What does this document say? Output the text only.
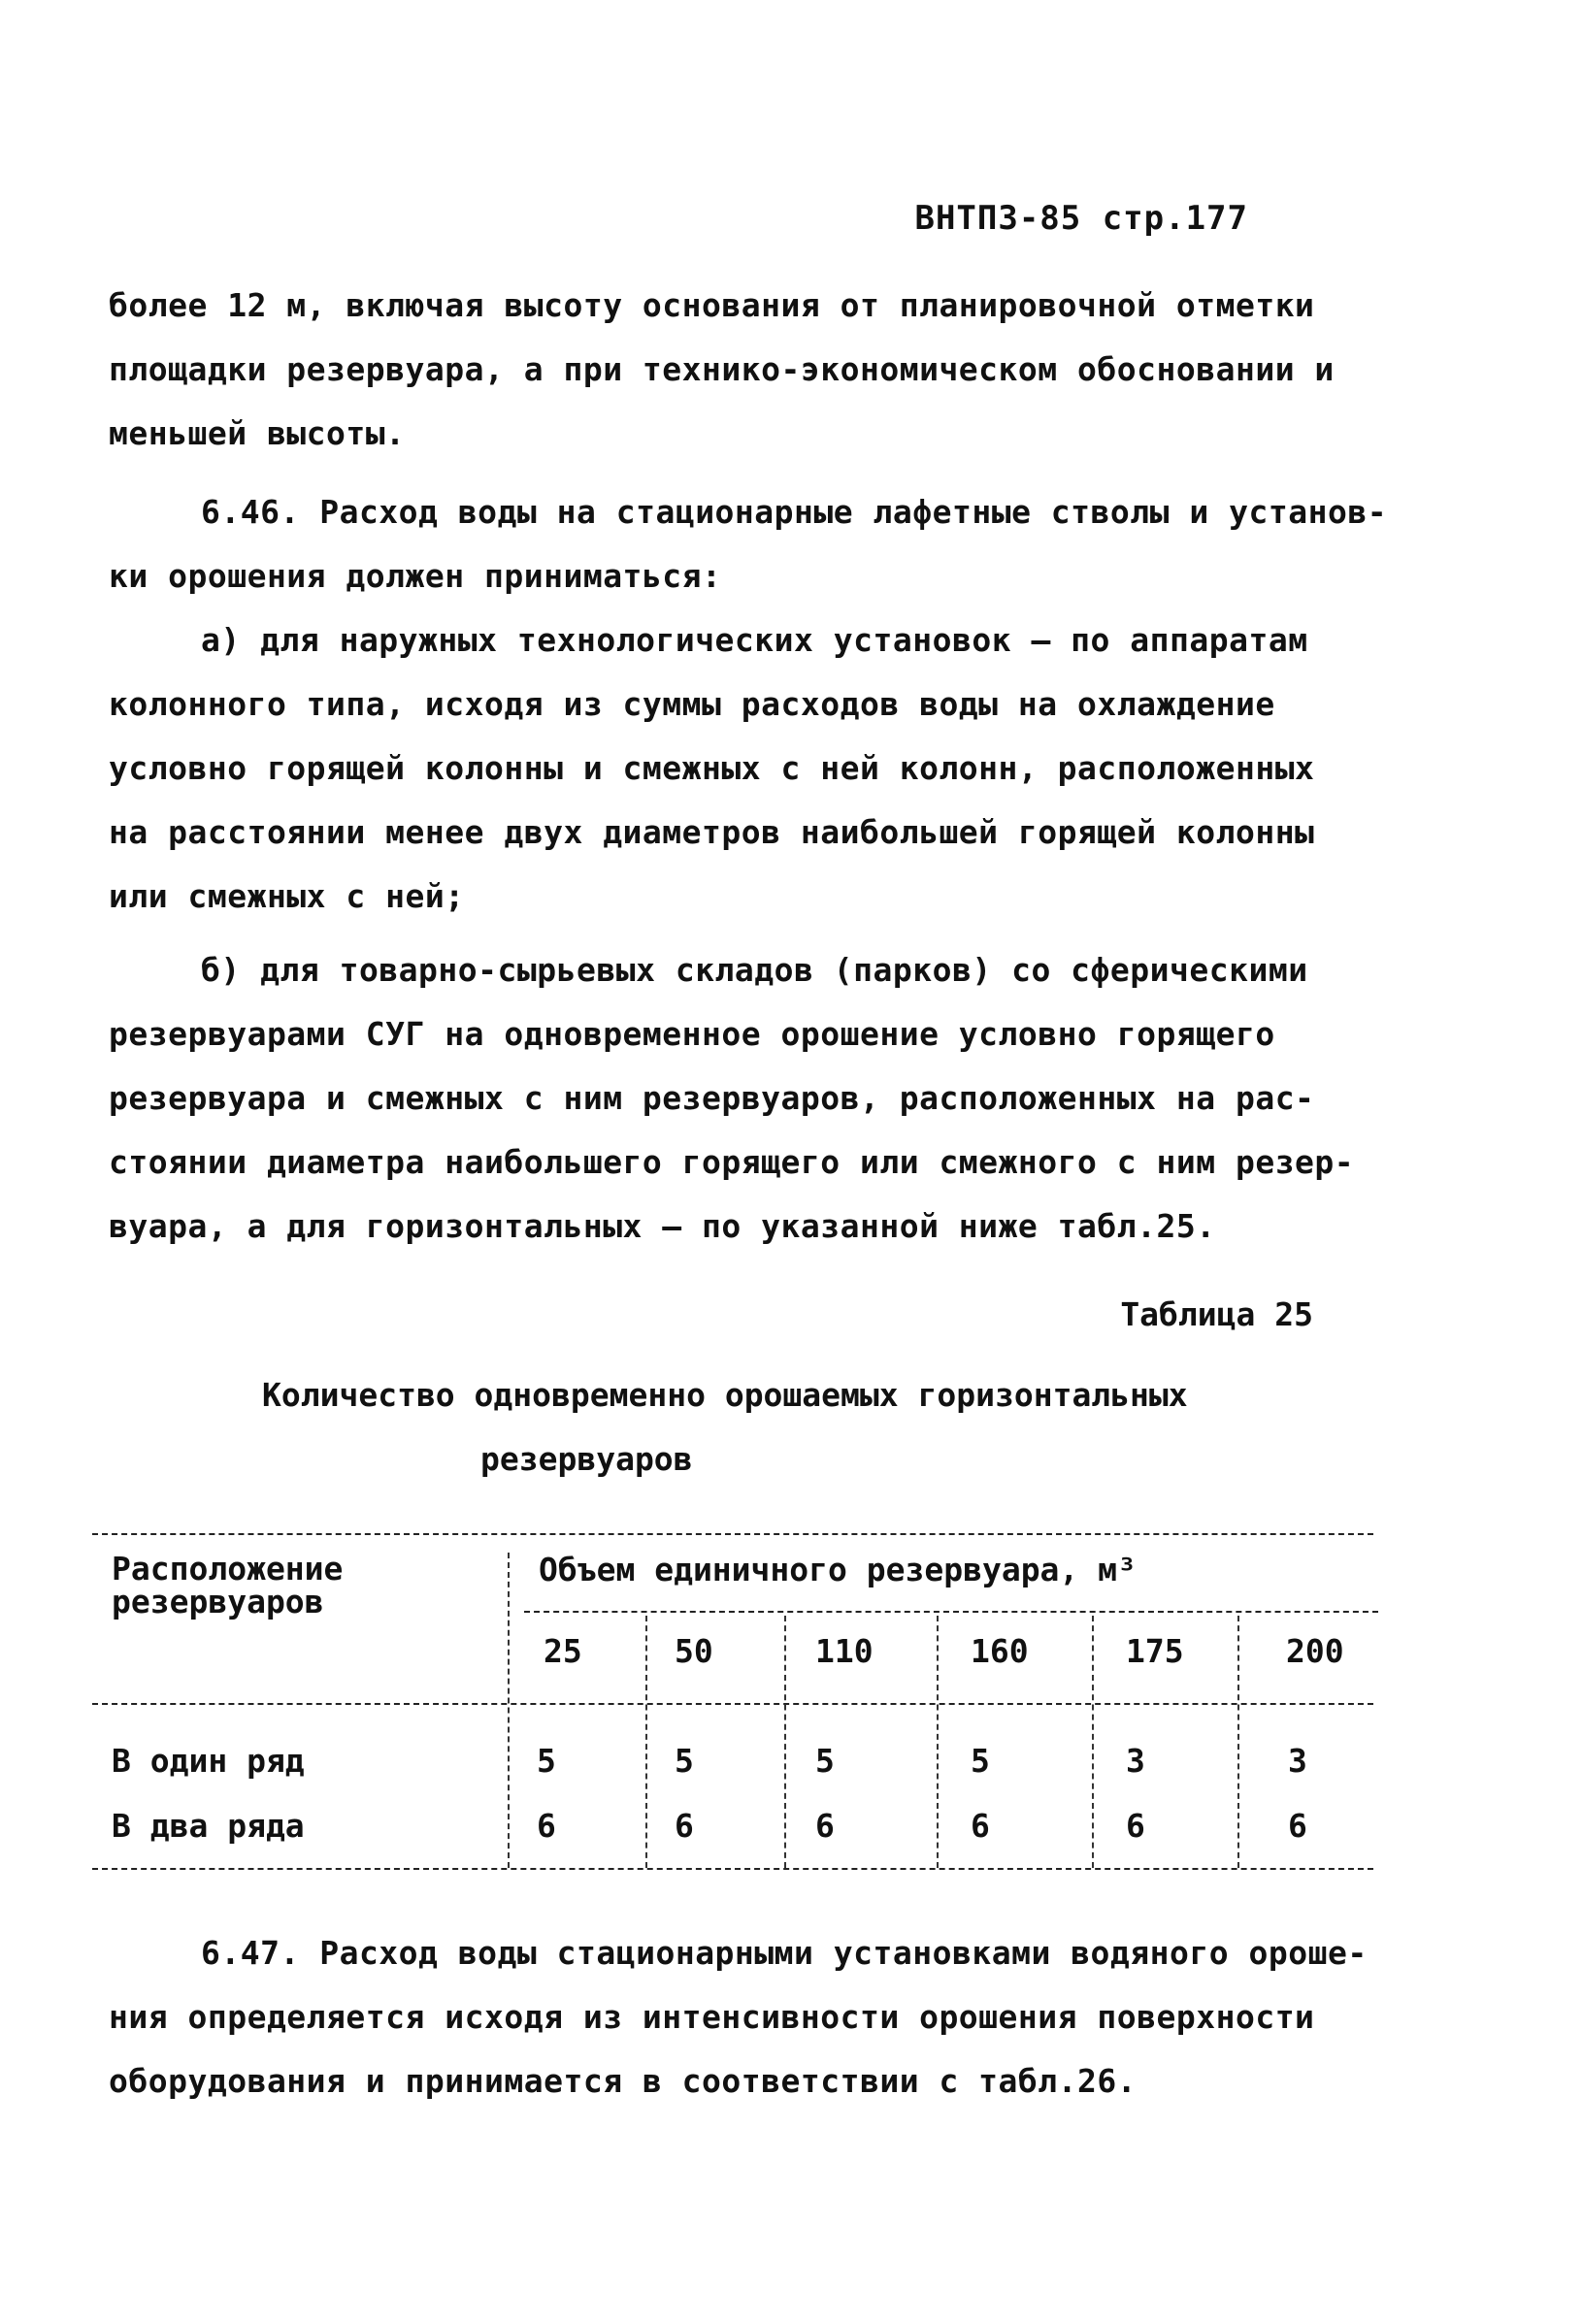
ВНТП3-85 стр.177
более 12 м, включая высоту основания от планировочной отметки
площадки резервуара, а при технико-экономическом обосновании и
меньшей высоты.
6.46. Расход воды на стационарные лафетные стволы и установ-
ки орошения должен приниматься:
а) для наружных технологических установок – по аппаратам
колонного типа, исходя из суммы расходов воды на охлаждение
условно горящей колонны и смежных с ней колонн, расположенных
на расстоянии менее двух диаметров наибольшей горящей колонны
или смежных с ней;
б) для товарно-сырьевых складов (парков) со сферическими
резервуарами СУГ на одновременное орошение условно горящего
резервуара и смежных с ним резервуаров, расположенных на рас-
стоянии диаметра наибольшего горящего или смежного с ним резер-
вуара, а для горизонтальных – по указанной ниже табл.25.
Таблица 25
Количество одновременно орошаемых горизонтальных
резервуаров
Расположение
резервуаров
Объем единичного резервуара, м³
25	50	110	160	175	200
В один ряд	5	5	5	5	3	3
В два ряда	6	6	6	6	6	6
6.47. Расход воды стационарными установками водяного ороше-
ния определяется исходя из интенсивности орошения поверхности
оборудования и принимается в соответствии с табл.26.
